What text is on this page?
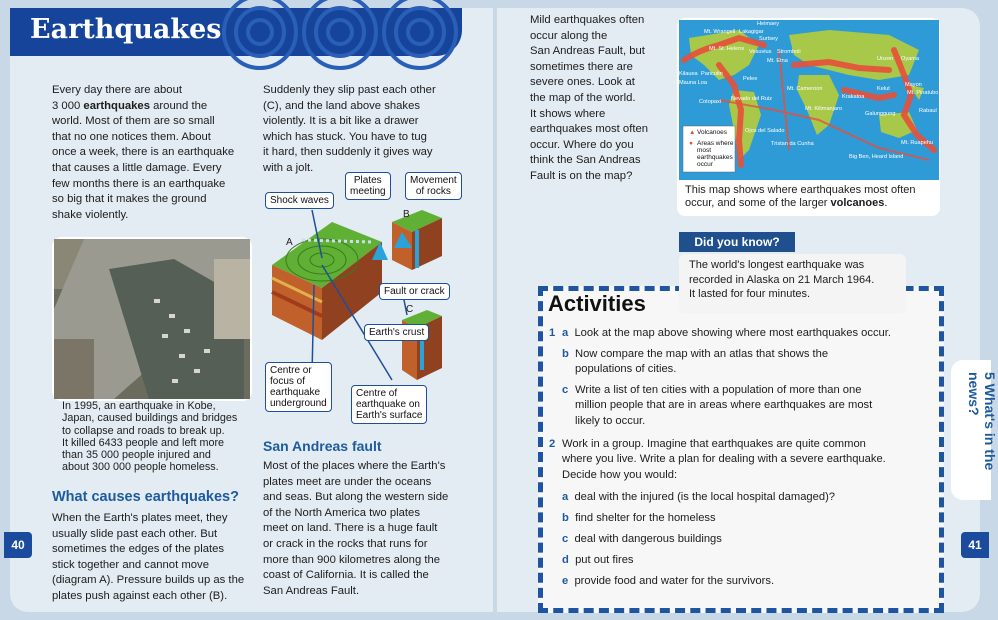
Earthquakes
Every day there are about
3 000 earthquakes around the
world. Most of them are so small
that no one notices them. About
once a week, there is an earthquake
that causes a little damage. Every
few months there is an earthquake
so big that it makes the ground
shake violently.
In 1995, an earthquake in Kobe,
Japan, caused buildings and bridges
to collapse and roads to break up.
It killed 6433 people and left more
than 35 000 people injured and
about 300 000 people homeless.
What causes earthquakes?
When the Earth's plates meet, they
usually slide past each other. But
sometimes the edges of the plates
stick together and cannot move
(diagram A). Pressure builds up as the
plates push against each other (B).
Suddenly they slip past each other
(C), and the land above shakes
violently. It is a bit like a drawer
which has stuck. You have to tug
it hard, then suddenly it gives way
with a jolt.
A
B
C
Shock waves
Plates
meeting
Movement
of rocks
Fault or crack
Earth's crust
Centre or
focus of
earthquake
underground
Centre of
earthquake on
Earth's surface
San Andreas fault
Most of the places where the Earth's
plates meet are under the oceans
and seas. But along the western side
of the North America two plates
meet on land. There is a huge fault
or crack in the rocks that runs for
more than 900 kilometres along the
coast of California. It is called the
San Andreas Fault.
40
Mild earthquakes often
occur along the
San Andreas Fault, but
sometimes there are
severe ones. Look at
the map of the world.
It shows where
earthquakes most often
occur. Where do you
think the San Andreas
Fault is on the map?
▲ Volcanoes
● Areas where
most
earthquakes
occur
Heimaey
Mt. Wrangell Lakagigar
Surtsey
Mt. St. Helens Vesuvius Stromboli
Mt. Etna	Unzen Oyama
Kilauea Paricutin
Mauna Loa
Pelee
Cotopaxi Nevado del Ruiz
Mt. Cameroon
Krakatoa
Mayon
Mt. Pinatubo
Mt. Kilimanjaro
Galunggung
Kelut
Rabaul
Ojos del Salado
Tristan da Cunha	Mt. Ruapehu
Big Ben, Heard Island
This map shows where earthquakes most often
occur, and some of the larger volcanoes.
Activities
Did you know?
The world's longest earthquake was
recorded in Alaska on 21 March 1964.
It lasted for four minutes.
1 a Look at the map above showing where most earthquakes occur.
b Now compare the map with an atlas that shows the
populations of cities.
c Write a list of ten cities with a population of more than one
million people that are in areas where earthquakes are most
likely to occur.
2 Work in a group. Imagine that earthquakes are quite common
where you live. Write a plan for dealing with a severe earthquake.
Decide how you would:
a deal with the injured (is the local hospital damaged)?
b find shelter for the homeless
c deal with dangerous buildings
d put out fires
e provide food and water for the survivors.
5 What's in the news?
41
